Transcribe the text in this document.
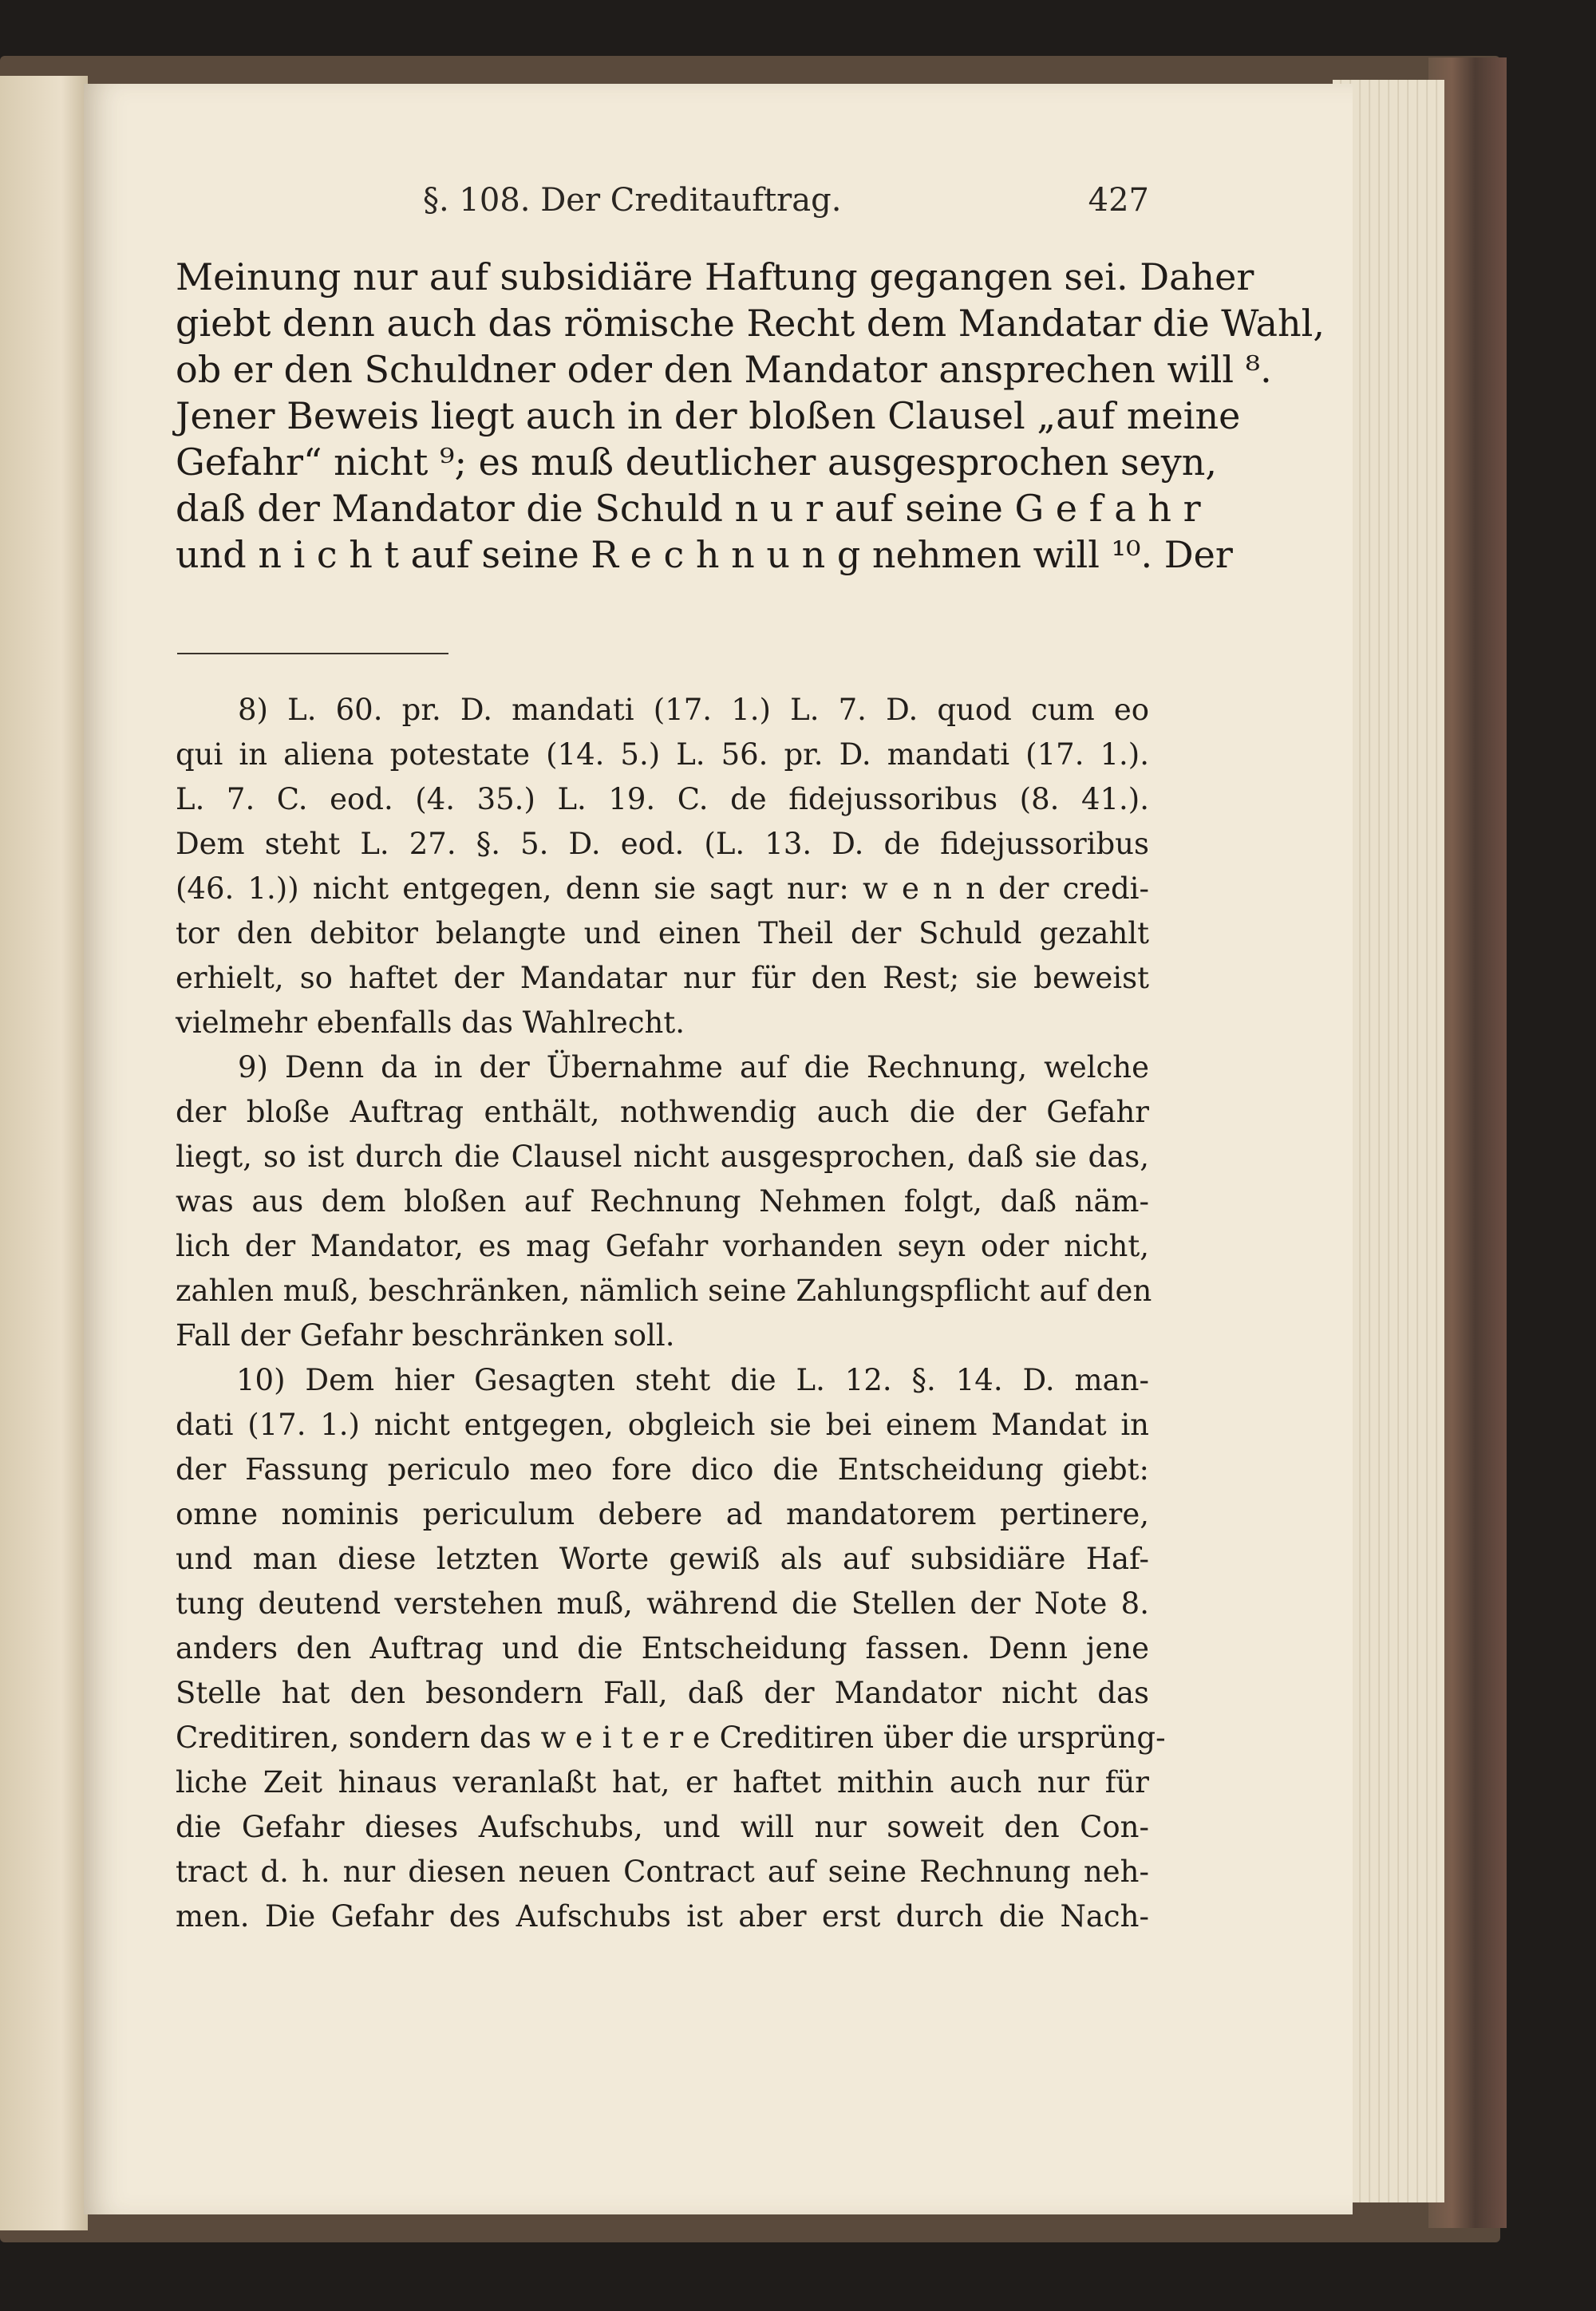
§. 108. Der Creditauftrag.	427
Meinung nur auf subsidiäre Haftung gegangen sei. Daher
giebt denn auch das römische Recht dem Mandatar die Wahl,
ob er den Schuldner oder den Mandator ansprechen will ⁸.
Jener Beweis liegt auch in der bloßen Clausel „auf meine
Gefahr“ nicht ⁹; es muß deutlicher ausgesprochen seyn,
daß der Mandator die Schuld n u r auf seine G e f a h r
und n i c h t auf seine R e c h n u n g nehmen will ¹⁰. Der
8) L. 60. pr. D. mandati (17. 1.) L. 7. D. quod cum eo
qui in aliena potestate (14. 5.) L. 56. pr. D. mandati (17. 1.).
L. 7. C. eod. (4. 35.) L. 19. C. de fidejussoribus (8. 41.).
Dem steht L. 27. §. 5. D. eod. (L. 13. D. de fidejussoribus
(46. 1.)) nicht entgegen, denn sie sagt nur: w e n n der credi-
tor den debitor belangte und einen Theil der Schuld gezahlt
erhielt, so haftet der Mandatar nur für den Rest; sie beweist
vielmehr ebenfalls das Wahlrecht.
9) Denn da in der Übernahme auf die Rechnung, welche
der bloße Auftrag enthält, nothwendig auch die der Gefahr
liegt, so ist durch die Clausel nicht ausgesprochen, daß sie das,
was aus dem bloßen auf Rechnung Nehmen folgt, daß näm-
lich der Mandator, es mag Gefahr vorhanden seyn oder nicht,
zahlen muß, beschränken, nämlich seine Zahlungspflicht auf den
Fall der Gefahr beschränken soll.
10) Dem hier Gesagten steht die L. 12. §. 14. D. man-
dati (17. 1.) nicht entgegen, obgleich sie bei einem Mandat in
der Fassung periculo meo fore dico die Entscheidung giebt:
omne nominis periculum debere ad mandatorem pertinere,
und man diese letzten Worte gewiß als auf subsidiäre Haf-
tung deutend verstehen muß, während die Stellen der Note 8.
anders den Auftrag und die Entscheidung fassen. Denn jene
Stelle hat den besondern Fall, daß der Mandator nicht das
Creditiren, sondern das w e i t e r e Creditiren über die ursprüng-
liche Zeit hinaus veranlaßt hat, er haftet mithin auch nur für
die Gefahr dieses Aufschubs, und will nur soweit den Con-
tract d. h. nur diesen neuen Contract auf seine Rechnung neh-
men. Die Gefahr des Aufschubs ist aber erst durch die Nach-
